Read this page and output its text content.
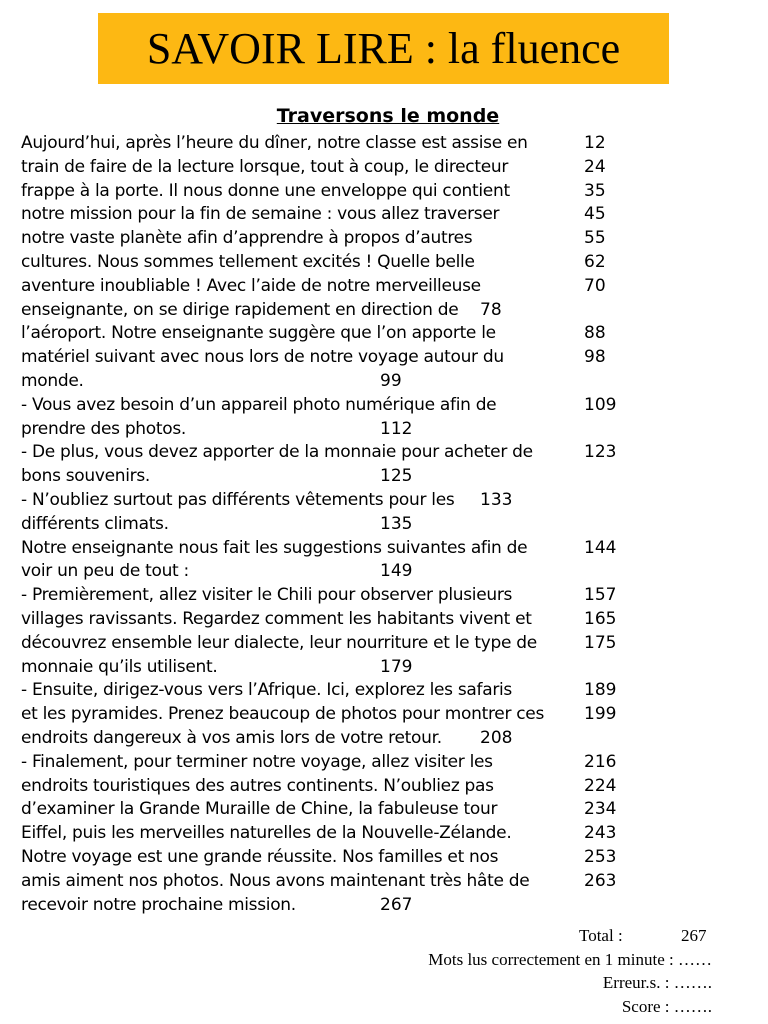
SAVOIR LIRE : la fluence
Traversons le monde
Aujourd’hui, après l’heure du dîner, notre classe est assise en	12
train de faire de la lecture lorsque, tout à coup, le directeur	24
frappe à la porte. Il nous donne une enveloppe qui contient	35
notre mission pour la fin de semaine : vous allez traverser	45
notre vaste planète afin d’apprendre à propos d’autres	55
cultures. Nous sommes tellement excités ! Quelle belle	62
aventure inoubliable ! Avec l’aide de notre merveilleuse	70
enseignante, on se dirige rapidement en direction de 78
l’aéroport. Notre enseignante suggère que l’on apporte le	88
matériel suivant avec nous lors de notre voyage autour du	98
monde.	99
- Vous avez besoin d’un appareil photo numérique afin de	109
prendre des photos.	112
- De plus, vous devez apporter de la monnaie pour acheter de	123
bons souvenirs.	125
- N’oubliez surtout pas différents vêtements pour les 133
différents climats.	135
Notre enseignante nous fait les suggestions suivantes afin de	144
voir un peu de tout :	149
- Premièrement, allez visiter le Chili pour observer plusieurs	157
villages ravissants. Regardez comment les habitants vivent et	165
découvrez ensemble leur dialecte, leur nourriture et le type de	175
monnaie qu’ils utilisent.	179
- Ensuite, dirigez-vous vers l’Afrique. Ici, explorez les safaris	189
et les pyramides. Prenez beaucoup de photos pour montrer ces 199
endroits dangereux à vos amis lors de votre retour. 208
- Finalement, pour terminer notre voyage, allez visiter les	216
endroits touristiques des autres continents. N’oubliez pas	224
d’examiner la Grande Muraille de Chine, la fabuleuse tour	234
Eiffel, puis les merveilles naturelles de la Nouvelle-Zélande.	243
Notre voyage est une grande réussite. Nos familles et nos	253
amis aiment nos photos. Nous avons maintenant très hâte de	263
recevoir notre prochaine mission.	267
Total :	267
Mots lus correctement en 1 minute : ……
Erreur.s. : …….
Score : …….
